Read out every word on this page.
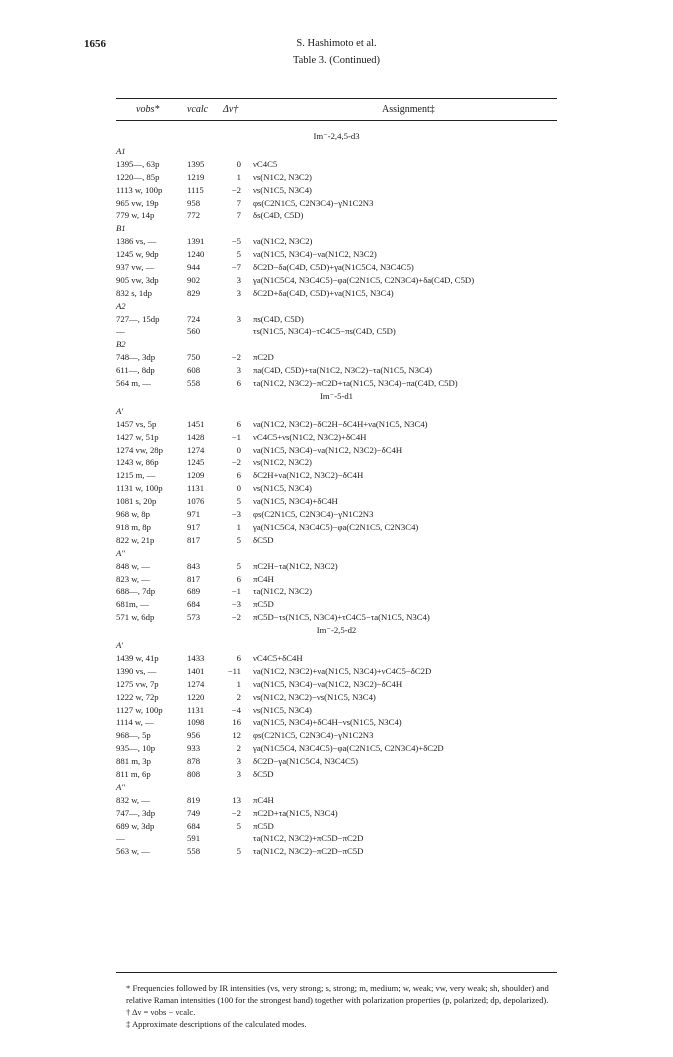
1656	S. Hashimoto et al.
Table 3. (Continued)
νobs*	νcalc Δν†	Assignment‡
Im⁻-2,4,5-d3
A1
1395—, 63p	1395	0 νC4C5
1220—, 85p	1219	1 νs(N1C2, N3C2)
1113 w, 100p	1115	−2 νs(N1C5, N3C4)
965 vw, 19p	958	7 φs(C2N1C5, C2N3C4)−γN1C2N3
779 w, 14p	772	7 δs(C4D, C5D)
B1
1386 vs, —	1391	−5 νa(N1C2, N3C2)
1245 w, 9dp	1240	5 νa(N1C5, N3C4)−νa(N1C2, N3C2)
937 vw, —	944	−7 δC2D−δa(C4D, C5D)+γa(N1C5C4, N3C4C5)
905 vw, 3dp	902	3 γa(N1C5C4, N3C4C5)−φa(C2N1C5, C2N3C4)+δa(C4D, C5D)
832 s, 1dp	829	3 δC2D+δa(C4D, C5D)+νa(N1C5, N3C4)
A2
727—, 15dp	724	3 πs(C4D, C5D)
—	560	τs(N1C5, N3C4)−τC4C5−πs(C4D, C5D)
B2
748—, 3dp	750	−2 πC2D
611—, 8dp	608	3 πa(C4D, C5D)+τa(N1C2, N3C2)−τa(N1C5, N3C4)
564 m, —	558	6 τa(N1C2, N3C2)−πC2D+τa(N1C5, N3C4)−πa(C4D, C5D)
Im⁻-5-d1
A′
1457 vs, 5p	1451	6 νa(N1C2, N3C2)−δC2H−δC4H+νa(N1C5, N3C4)
1427 w, 51p	1428	−1 νC4C5+νs(N1C2, N3C2)+δC4H
1274 vw, 28p	1274	0 νa(N1C5, N3C4)−νa(N1C2, N3C2)−δC4H
1243 w, 86p	1245	−2 νs(N1C2, N3C2)
1215 m, —	1209	6 δC2H+νa(N1C2, N3C2)−δC4H
1131 w, 100p	1131	0 νs(N1C5, N3C4)
1081 s, 20p	1076	5 νa(N1C5, N3C4)+δC4H
968 w, 8p	971	−3 φs(C2N1C5, C2N3C4)−γN1C2N3
918 m, 8p	917	1 γa(N1C5C4, N3C4C5)−φa(C2N1C5, C2N3C4)
822 w, 21p	817	5 δC5D
A″
848 w, —	843	5 πC2H−τa(N1C2, N3C2)
823 w, —	817	6 πC4H
688—, 7dp	689	−1 τa(N1C2, N3C2)
681m, —	684	−3 πC5D
571 w, 6dp	573	−2 πC5D−τs(N1C5, N3C4)+τC4C5−τa(N1C5, N3C4)
Im⁻-2,5-d2
A′
1439 w, 41p	1433	6 νC4C5+δC4H
1390 vs, —	1401	−11 νa(N1C2, N3C2)+νa(N1C5, N3C4)+νC4C5−δC2D
1275 vw, 7p	1274	1 νa(N1C5, N3C4)−νa(N1C2, N3C2)−δC4H
1222 w, 72p	1220	2 νs(N1C2, N3C2)−νs(N1C5, N3C4)
1127 w, 100p	1131	−4 νs(N1C5, N3C4)
1114 w, —	1098	16 νa(N1C5, N3C4)+δC4H−νs(N1C5, N3C4)
968—, 5p	956	12 φs(C2N1C5, C2N3C4)−γN1C2N3
935—, 10p	933	2 γa(N1C5C4, N3C4C5)−φa(C2N1C5, C2N3C4)+δC2D
881 m, 3p	878	3 δC2D−γa(N1C5C4, N3C4C5)
811 m, 6p	808	3 δC5D
A″
832 w, —	819	13 πC4H
747—, 3dp	749	−2 πC2D+τa(N1C5, N3C4)
689 w, 3dp	684	5 πC5D
—	591	τa(N1C2, N3C2)+πC5D−πC2D
563 w, —	558	5 τa(N1C2, N3C2)−πC2D−πC5D

* Frequencies followed by IR intensities (vs, very strong; s, strong; m, medium; w, weak; vw, very weak; sh, shoulder) and relative Raman intensities (100 for the strongest band) together with polarization properties (p, polarized; dp, depolarized).

† Δν = νobs − νcalc.

‡ Approximate descriptions of the calculated modes.
